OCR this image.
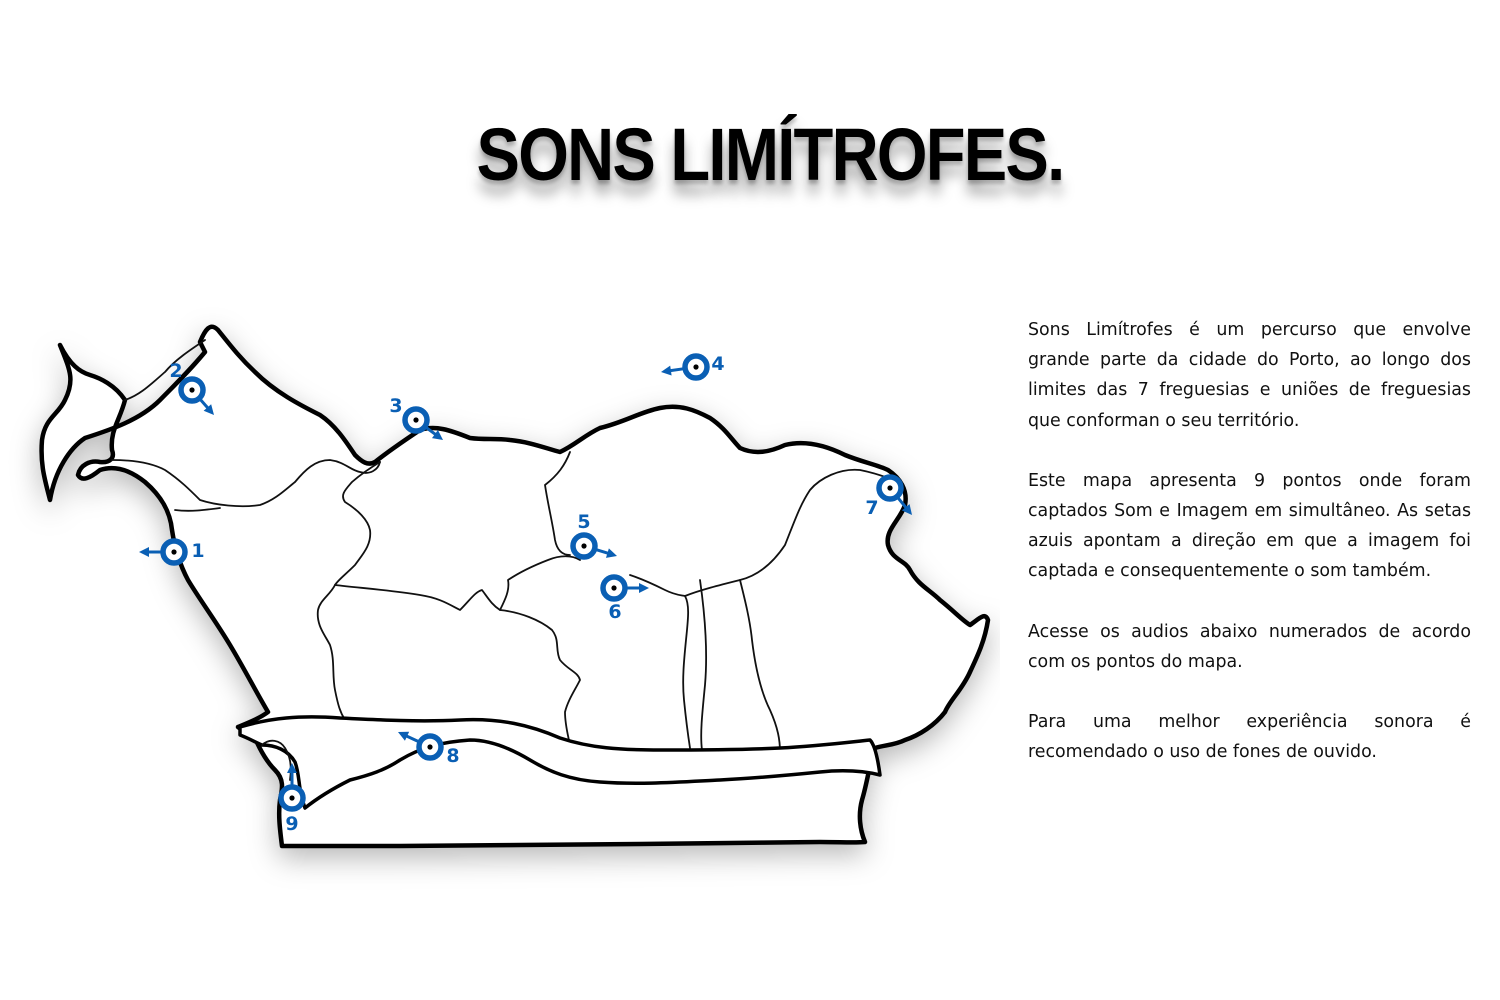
SONS LIMÍTROFES.
1
2
3
4
5
6
7
8
9

Sons Limítrofes é um percurso que envolve grande parte da cidade do Porto, ao longo dos limites das 7 freguesias e uniões de freguesias que conforman o seu território.

Este mapa apresenta 9 pontos onde foram captados Som e Imagem em simultâneo. As setas azuis apontam a direção em que a imagem foi captada e consequentemente o som também.

Acesse os audios abaixo numerados de acordo com os pontos do mapa.

Para uma melhor experiência sonora é recomendado o uso de fones de ouvido.
